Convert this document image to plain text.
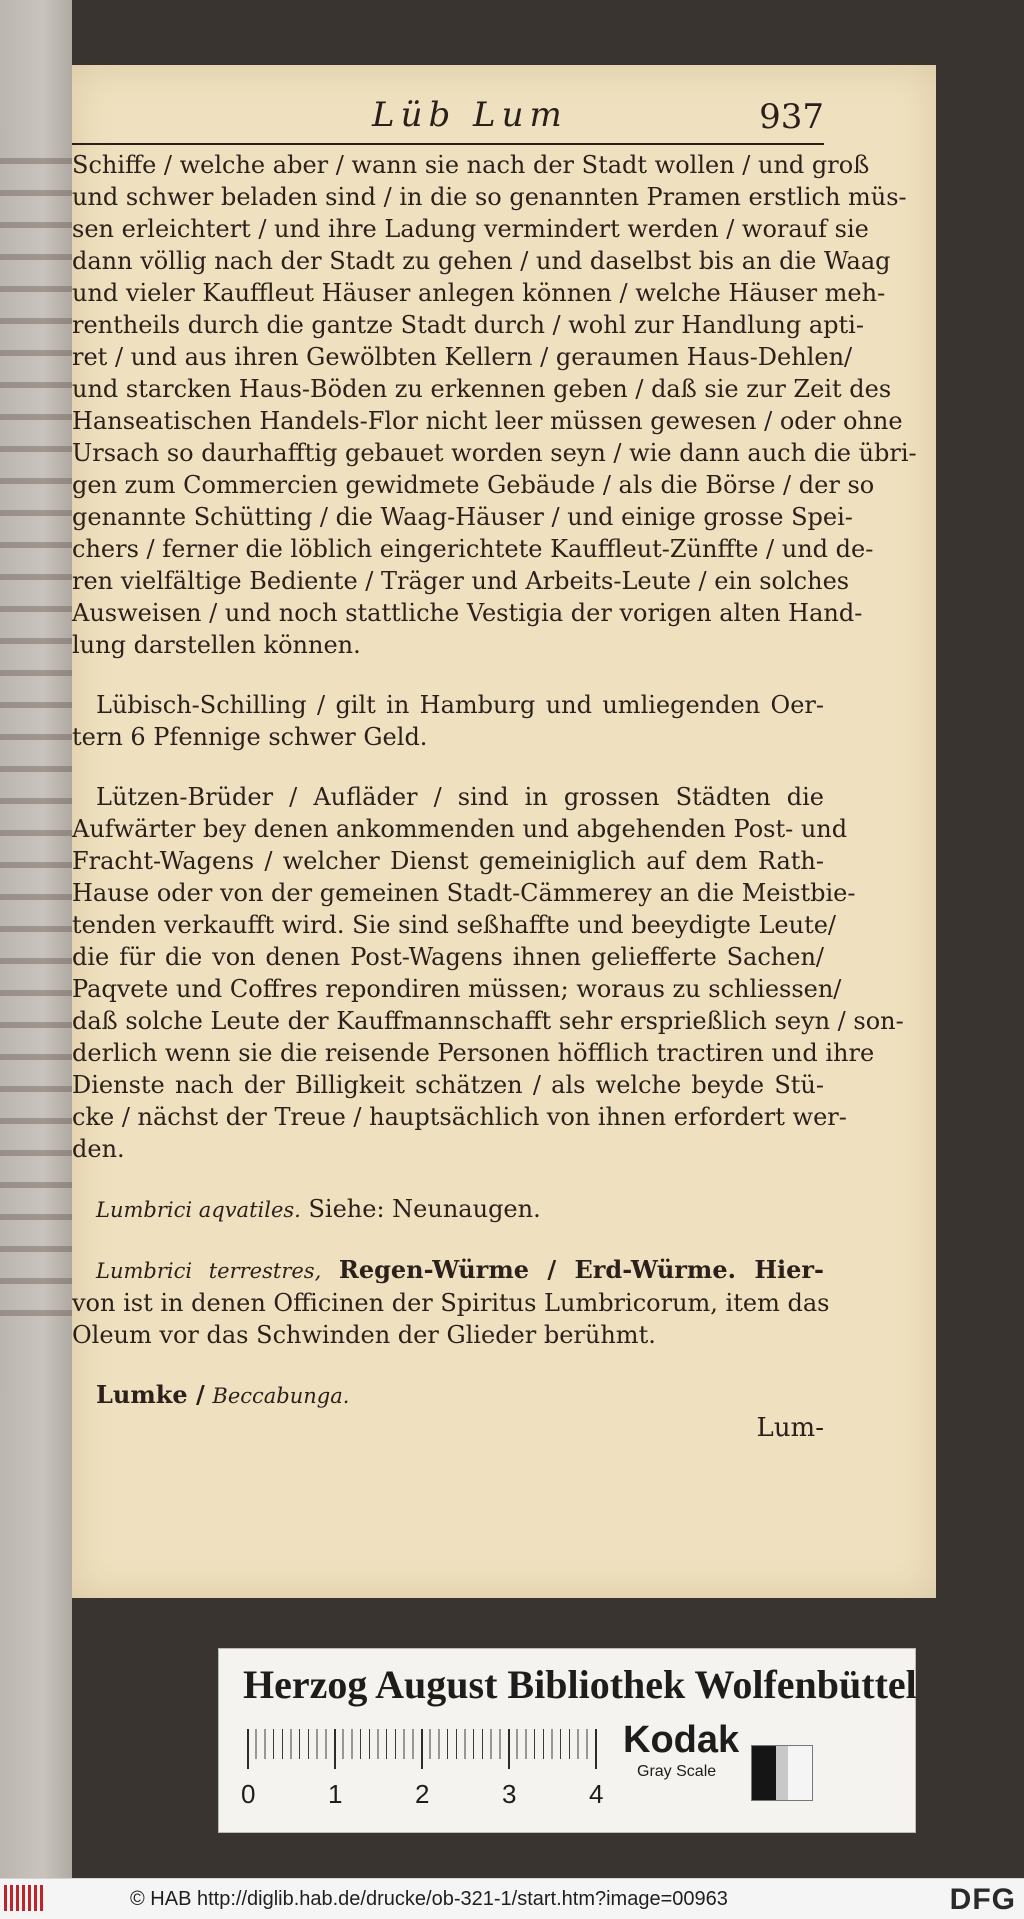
Lüb Lum	937
Schiffe / welche aber / wann sie nach der Stadt wollen / und groß
und schwer beladen sind / in die so genannten Pramen erstlich müs-
sen erleichtert / und ihre Ladung vermindert werden / worauf sie
dann völlig nach der Stadt zu gehen / und daselbst bis an die Waag
und vieler Kauffleut Häuser anlegen können / welche Häuser meh-
rentheils durch die gantze Stadt durch / wohl zur Handlung apti-
ret / und aus ihren Gewölbten Kellern / geraumen Haus-Dehlen/
und starcken Haus-Böden zu erkennen geben / daß sie zur Zeit des
Hanseatischen Handels-Flor nicht leer müssen gewesen / oder ohne
Ursach so daurhafftig gebauet worden seyn / wie dann auch die übri-
gen zum Commercien gewidmete Gebäude / als die Börse / der so
genannte Schütting / die Waag-Häuser / und einige grosse Spei-
chers / ferner die löblich eingerichtete Kauffleut-Zünffte / und de-
ren vielfältige Bediente / Träger und Arbeits-Leute / ein solches
Ausweisen / und noch stattliche Vestigia der vorigen alten Hand-
lung darstellen können.
Lübisch-Schilling / gilt in Hamburg und umliegenden Oer-
tern 6 Pfennige schwer Geld.
Lützen-Brüder / Aufläder / sind in grossen Städten die
Aufwärter bey denen ankommenden und abgehenden Post- und
Fracht-Wagens / welcher Dienst gemeiniglich auf dem Rath-
Hause oder von der gemeinen Stadt-Cämmerey an die Meistbie-
tenden verkaufft wird. Sie sind seßhaffte und beeydigte Leute/
die für die von denen Post-Wagens ihnen geliefferte Sachen/
Paqvete und Coffres repondiren müssen; woraus zu schliessen/
daß solche Leute der Kauffmannschafft sehr ersprießlich seyn / son-
derlich wenn sie die reisende Personen höfflich tractiren und ihre
Dienste nach der Billigkeit schätzen / als welche beyde Stü-
cke / nächst der Treue / hauptsächlich von ihnen erfordert wer-
den.
Lumbrici aqvatiles. Siehe: Neunaugen.
Lumbrici terrestres, Regen-Würme / Erd-Würme. Hier-
von ist in denen Officinen der Spiritus Lumbricorum, item das
Oleum vor das Schwinden der Glieder berühmt.
Lumke / Beccabunga.
Lum-
Herzog August Bibliothek Wolfenbüttel
0	1	2	3	4
Kodak
Gray Scale
© HAB http://diglib.hab.de/drucke/ob-321-1/start.htm?image=00963	DFG
